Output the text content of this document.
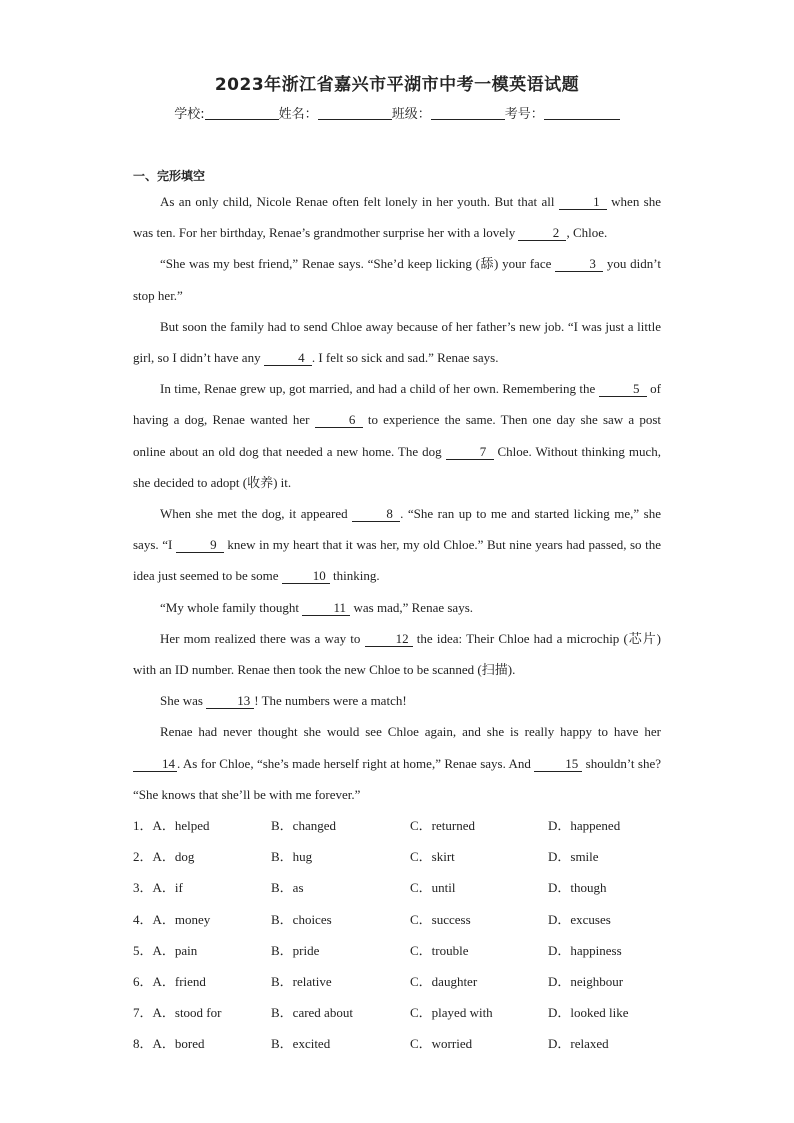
2023年浙江省嘉兴市平湖市中考一模英语试题
学校:	姓名：	班级：	考号：
一、完形填空

As an only child, Nicole Renae often felt lonely in her youth. But that all	1 when she was ten. For her birthday, Renae’s grandmother surprise her with a lovely	2 , Chloe.

“She was my best friend,” Renae says. “She’d keep licking (舔) your face	3 you didn’t stop her.”

But soon the family had to send Chloe away because of her father’s new job. “I was just a little girl, so I didn’t have any	4 . I felt so sick and sad.” Renae says.

In time, Renae grew up, got married, and had a child of her own. Remembering the	5 of having a dog, Renae wanted her	6 to experience the same. Then one day she saw a post online about an old dog that needed a new home. The dog	7 Chloe. Without thinking much, she decided to adopt (收养) it.

When she met the dog, it appeared	8 . “She ran up to me and started licking me,” she says. “I	9 knew in my heart that it was her, my old Chloe.” But nine years had passed, so the idea just seemed to be some 10 thinking.

“My whole family thought 11 was mad,” Renae says.

Her mom realized there was a way to 12 the idea: Their Chloe had a microchip (芯片) with an ID number. Renae then took the new Chloe to be scanned (扫描).

She was 13 ! The numbers were a match!

Renae had never thought she would see Chloe again, and she is really happy to have her 14 . As for Chloe, “she’s made herself right at home,” Renae says. And 15 shouldn’t she? “She knows that she’ll be with me forever.”

1．A．helped	B．changed	C．returned	D．happened
2．A．dog	B．hug	C．skirt	D．smile
3．A．if	B．as	C．until	D．though
4．A．money	B．choices	C．success	D．excuses
5．A．pain	B．pride	C．trouble	D．happiness
6．A．friend	B．relative	C．daughter	D．neighbour
7．A．stood for	B．cared about	C．played with	D．looked like
8．A．bored	B．excited	C．worried	D．relaxed
